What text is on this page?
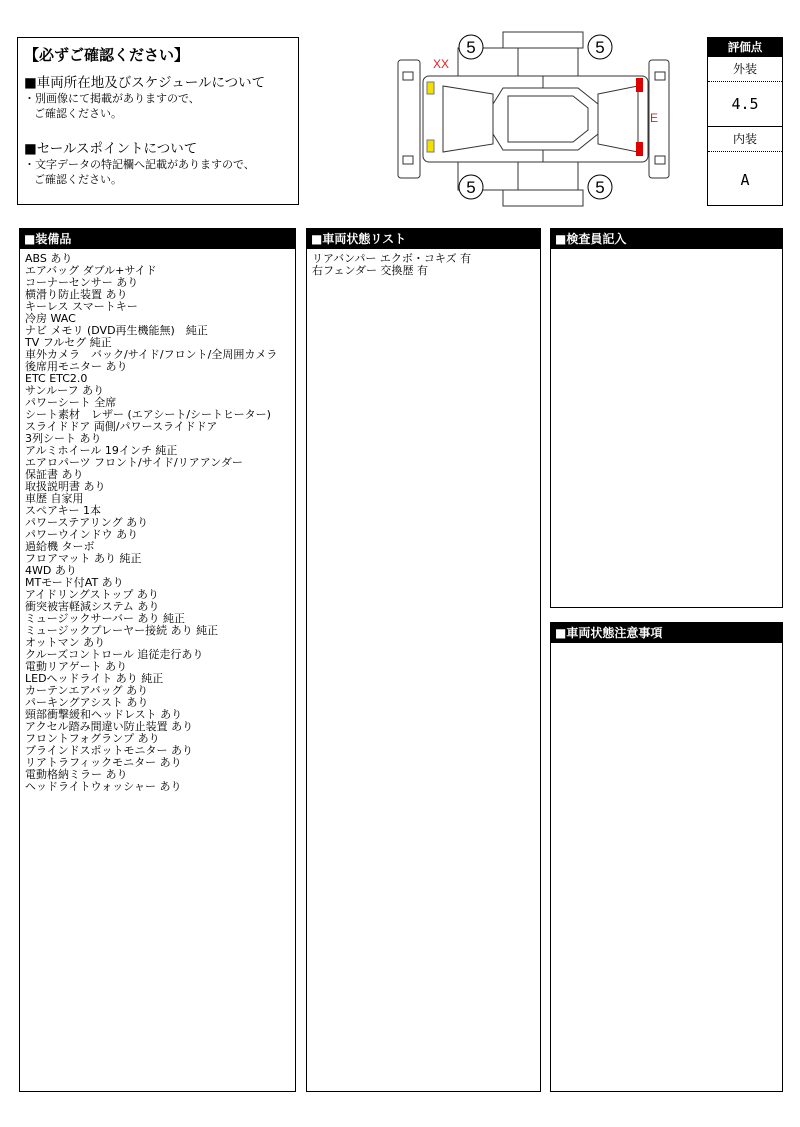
【必ずご確認ください】
■車両所在地及びスケジュールについて
・別画像にて掲載がありますので、
ご確認ください。
■セールスポイントについて
・文字データの特記欄へ記載がありますので、
ご確認ください。
XX
E
5	5
5	5
評価点
外装
4.5
内装
A
■装備品
ABS あり
エアバッグ ダブル+サイド
コーナーセンサー あり
横滑り防止装置 あり
キーレス スマートキー
冷房 WAC
ナビ メモリ (DVD再生機能無)　純正
TV フルセグ 純正
車外カメラ　バック/サイド/フロント/全周囲カメラ
後席用モニター あり
ETC ETC2.0
サンルーフ あり
パワーシート 全席
シート素材　レザー (エアシート/シートヒーター)
スライドドア 両側/パワースライドドア
3列シート あり
アルミホイール 19インチ 純正
エアロパーツ フロント/サイド/リアアンダー
保証書 あり
取扱説明書 あり
車歴 自家用
スペアキー 1本
パワーステアリング あり
パワーウインドウ あり
過給機 ターボ
フロアマット あり 純正
4WD あり
MTモード付AT あり
アイドリングストップ あり
衝突被害軽減システム あり
ミュージックサーバー あり 純正
ミュージックプレーヤー接続 あり 純正
オットマン あり
クルーズコントロール 追従走行あり
電動リアゲート あり
LEDヘッドライト あり 純正
カーテンエアバッグ あり
パーキングアシスト あり
頸部衝撃緩和ヘッドレスト あり
アクセル踏み間違い防止装置 あり
フロントフォグランプ あり
ブラインドスポットモニター あり
リアトラフィックモニター あり
電動格納ミラー あり
ヘッドライトウォッシャー あり
■車両状態リスト
リアバンパー エクボ・コキズ 有
右フェンダー 交換歴 有
■検査員記入
■車両状態注意事項
